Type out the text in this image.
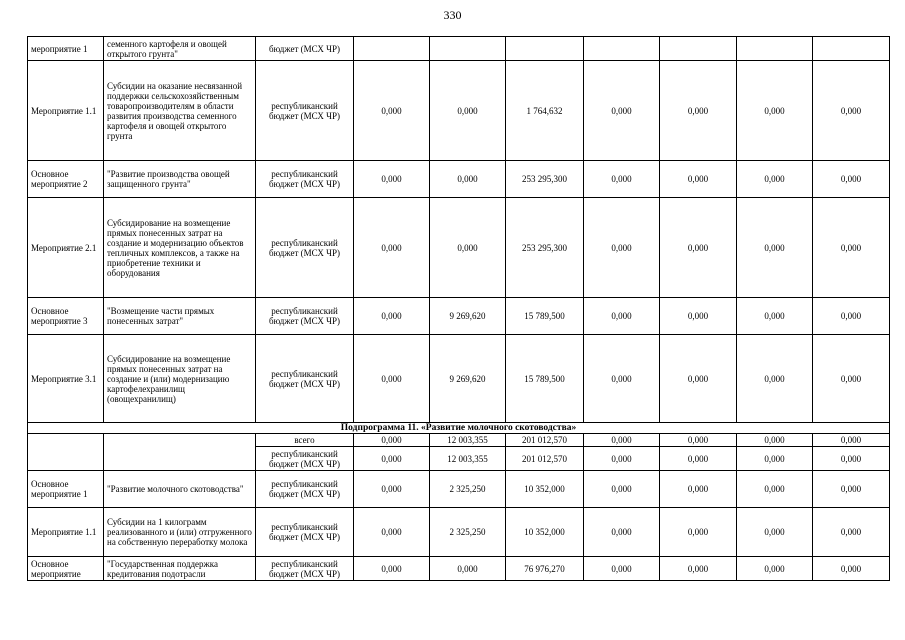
330
мероприятие 1	семенного картофеля и овощей открытого грунта"	бюджет (МСХ ЧР)							
Мероприятие 1.1	Субсидии на оказание несвязанной поддержки сельскохозяйственным товаропроизводителям в области развития производства семенного картофеля и овощей открытого грунта	республиканский бюджет (МСХ ЧР)	0,000	0,000	1 764,632	0,000	0,000	0,000	0,000
Основное мероприятие 2	"Развитие производства овощей защищенного грунта"	республиканский бюджет (МСХ ЧР)	0,000	0,000	253 295,300	0,000	0,000	0,000	0,000
Мероприятие 2.1	Субсидирование на возмещение прямых понесенных затрат на создание и модернизацию объектов тепличных комплексов, а также на приобретение техники и оборудования	республиканский бюджет (МСХ ЧР)	0,000	0,000	253 295,300	0,000	0,000	0,000	0,000
Основное мероприятие 3	"Возмещение части прямых понесенных затрат"	республиканский бюджет (МСХ ЧР)	0,000	9 269,620	15 789,500	0,000	0,000	0,000	0,000
Мероприятие 3.1	Субсидирование на возмещение прямых понесенных затрат на создание и (или) модернизацию картофелехранилищ (овощехранилищ)	республиканский бюджет (МСХ ЧР)	0,000	9 269,620	15 789,500	0,000	0,000	0,000	0,000
Подпрограмма 11. «Развитие молочного скотоводства»									
		всего	0,000	12 003,355	201 012,570	0,000	0,000	0,000	0,000
		республиканский бюджет (МСХ ЧР)	0,000	12 003,355	201 012,570	0,000	0,000	0,000	0,000
Основное мероприятие 1	"Развитие молочного скотоводства"	республиканский бюджет (МСХ ЧР)	0,000	2 325,250	10 352,000	0,000	0,000	0,000	0,000
Мероприятие 1.1	Субсидии на 1 килограмм реализованного и (или) отгруженного на собственную переработку молока	республиканский бюджет (МСХ ЧР)	0,000	2 325,250	10 352,000	0,000	0,000	0,000	0,000
Основное мероприятие	"Государственная поддержка кредитования подотрасли	республиканский бюджет (МСХ ЧР)	0,000	0,000	76 976,270	0,000	0,000	0,000	0,000
